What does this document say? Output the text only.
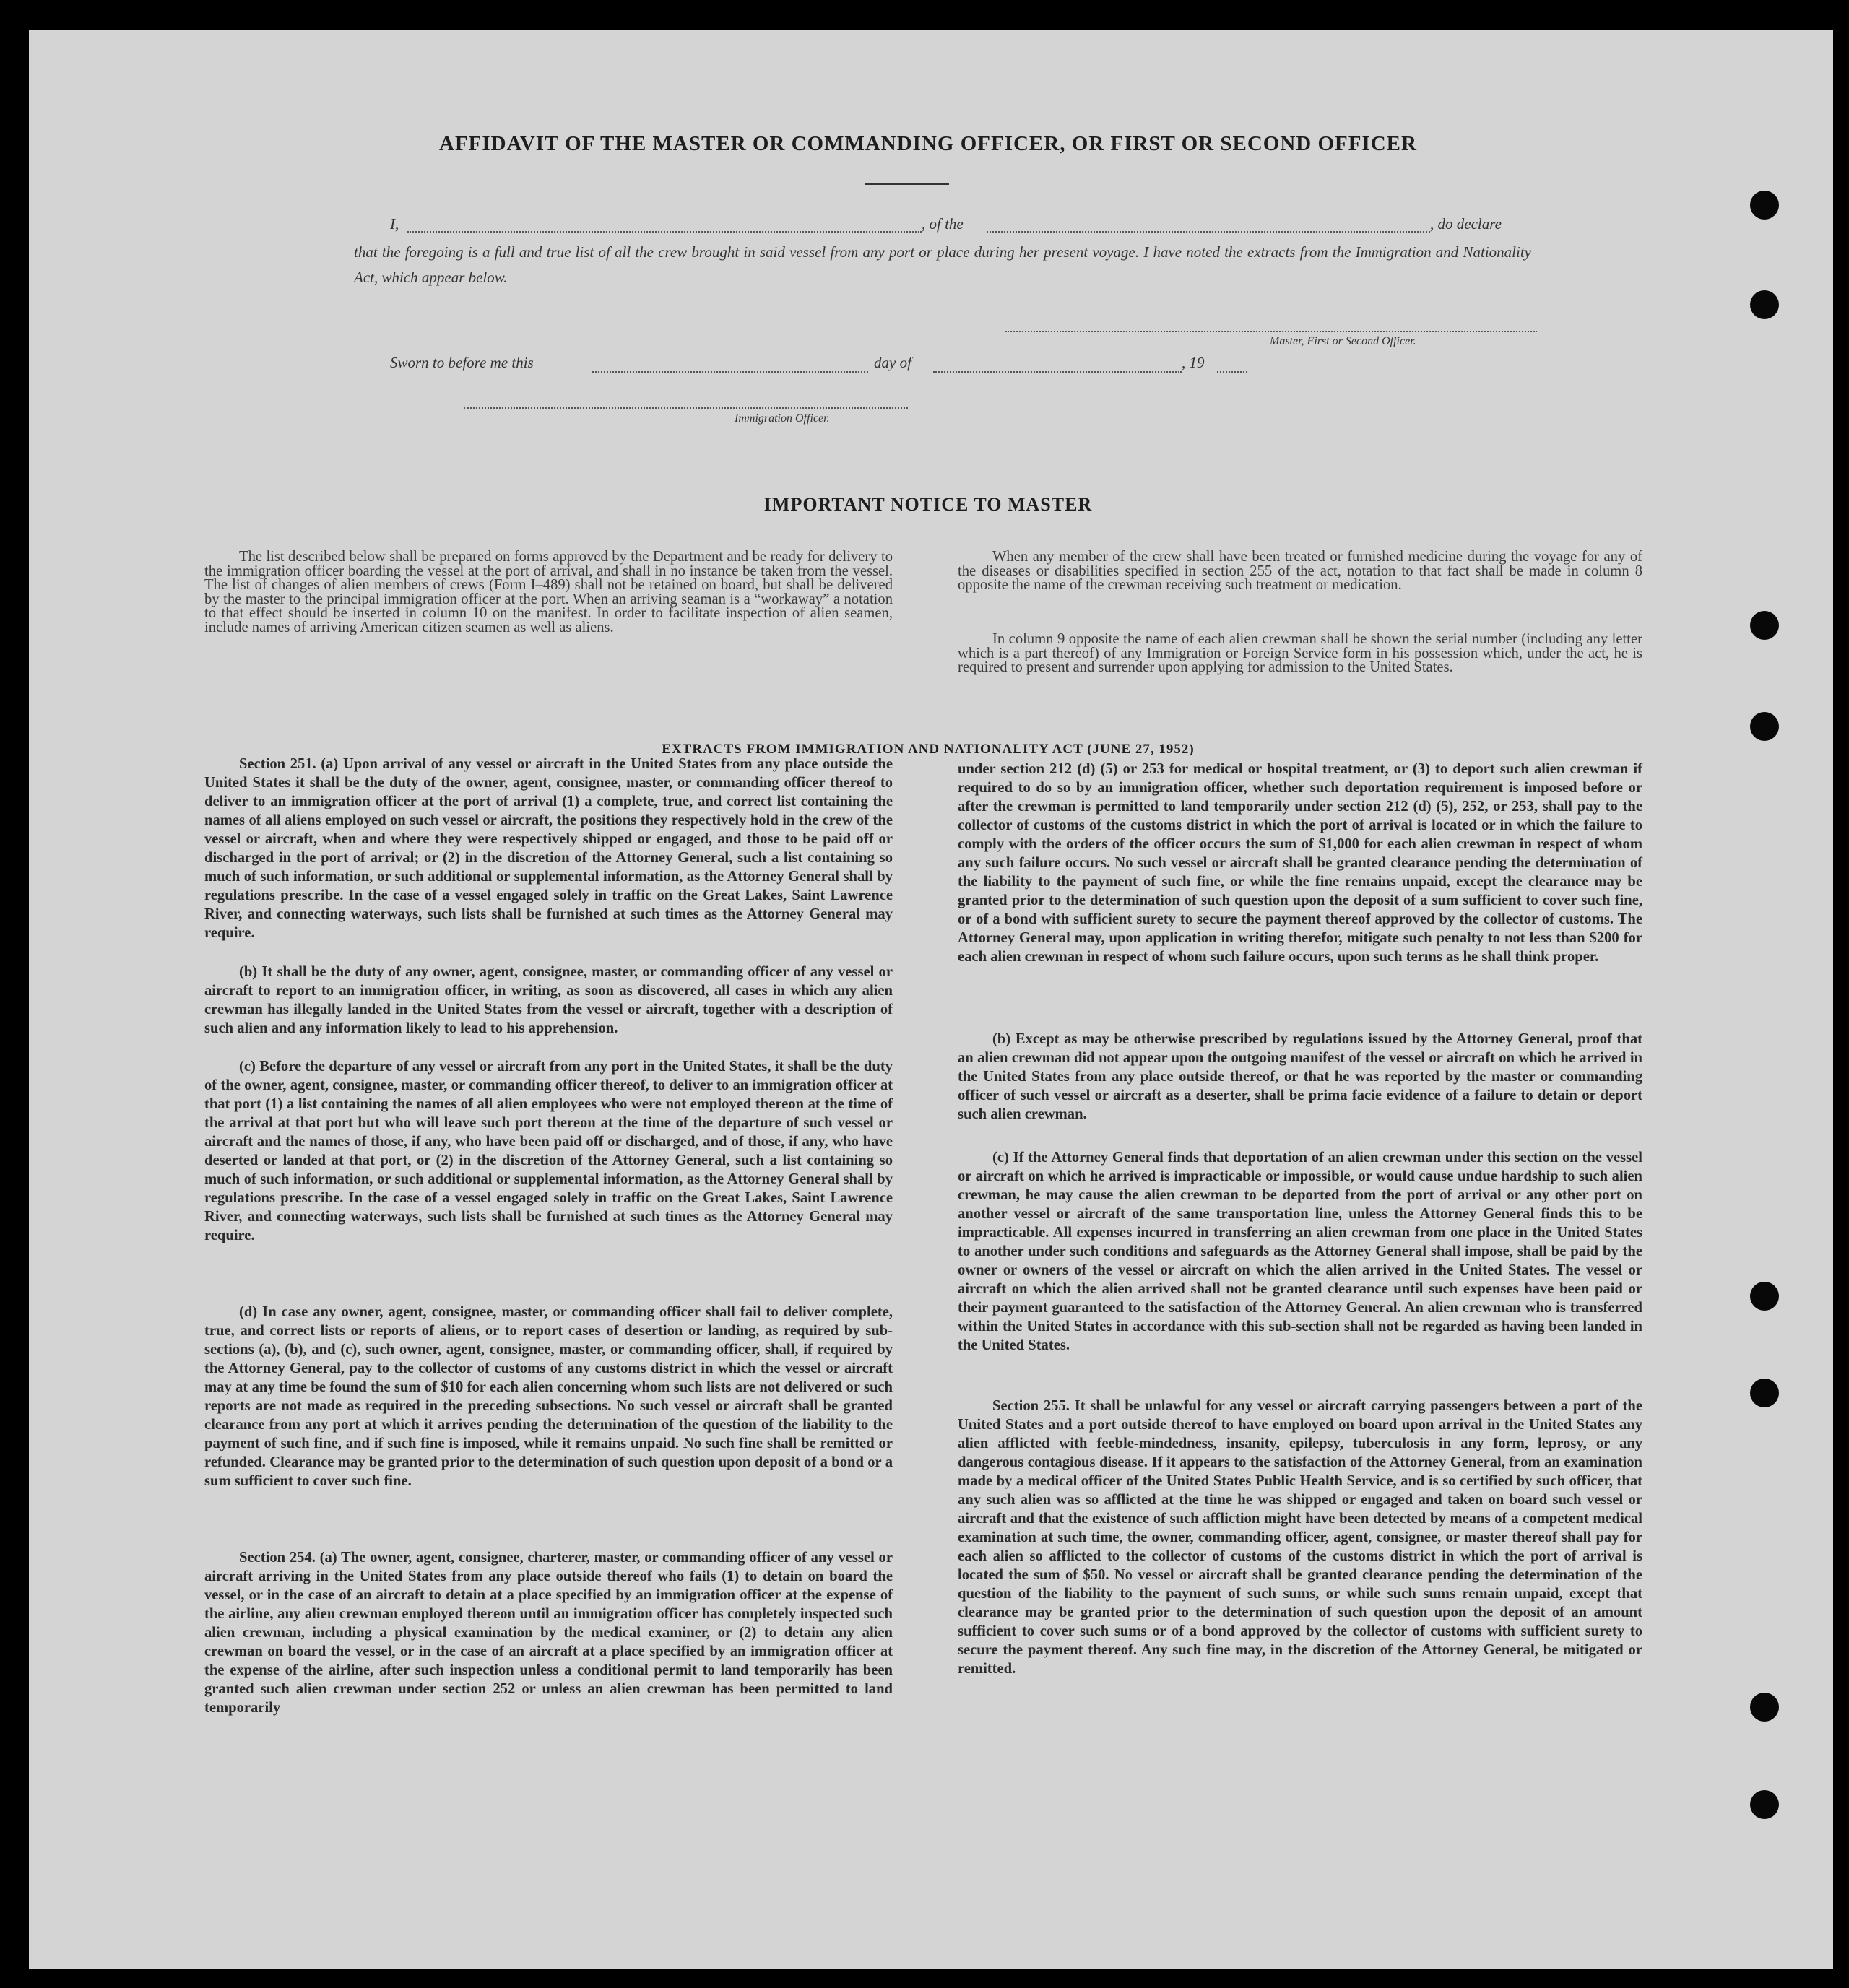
AFFIDAVIT OF THE MASTER OR COMMANDING OFFICER, OR FIRST OR SECOND OFFICER
I,	, of the	, do declare

that the foregoing is a full and true list of all the crew brought in said vessel from any port or place during her present voyage. I have noted the extracts from the Immigration and Nationality Act, which appear below.

Master, First or Second Officer.
Sworn to before me this	day of	, 19
Immigration Officer.
IMPORTANT NOTICE TO MASTER

The list described below shall be prepared on forms approved by the Department and be ready for delivery to the immigration officer boarding the vessel at the port of arrival, and shall in no instance be taken from the vessel. The list of changes of alien members of crews (Form I–489) shall not be retained on board, but shall be delivered by the master to the principal immigration officer at the port. When an arriving seaman is a “workaway” a notation to that effect should be inserted in column 10 on the manifest. In order to facilitate inspection of alien seamen, include names of arriving American citizen seamen as well as aliens.

When any member of the crew shall have been treated or furnished medicine during the voyage for any of the diseases or disabilities specified in section 255 of the act, notation to that fact shall be made in column 8 opposite the name of the crewman receiving such treatment or medication.

In column 9 opposite the name of each alien crewman shall be shown the serial number (including any letter which is a part thereof) of any Immigration or Foreign Service form in his possession which, under the act, he is required to present and surrender upon applying for admission to the United States.

EXTRACTS FROM IMMIGRATION AND NATIONALITY ACT (JUNE 27, 1952)

Section 251. (a) Upon arrival of any vessel or aircraft in the United States from any place outside the United States it shall be the duty of the owner, agent, consignee, master, or commanding officer thereof to deliver to an immigration officer at the port of arrival (1) a complete, true, and correct list containing the names of all aliens employed on such vessel or aircraft, the positions they respectively hold in the crew of the vessel or aircraft, when and where they were respectively shipped or engaged, and those to be paid off or discharged in the port of arrival; or (2) in the discretion of the Attorney General, such a list containing so much of such information, or such additional or supplemental information, as the Attorney General shall by regulations prescribe. In the case of a vessel engaged solely in traffic on the Great Lakes, Saint Lawrence River, and connecting waterways, such lists shall be furnished at such times as the Attorney General may require.

(b) It shall be the duty of any owner, agent, consignee, master, or commanding officer of any vessel or aircraft to report to an immigration officer, in writing, as soon as discovered, all cases in which any alien crewman has illegally landed in the United States from the vessel or aircraft, together with a description of such alien and any information likely to lead to his apprehension.

(c) Before the departure of any vessel or aircraft from any port in the United States, it shall be the duty of the owner, agent, consignee, master, or commanding officer thereof, to deliver to an immigration officer at that port (1) a list containing the names of all alien employees who were not employed thereon at the time of the arrival at that port but who will leave such port thereon at the time of the departure of such vessel or aircraft and the names of those, if any, who have been paid off or discharged, and of those, if any, who have deserted or landed at that port, or (2) in the discretion of the Attorney General, such a list containing so much of such information, or such additional or supplemental information, as the Attorney General shall by regulations prescribe. In the case of a vessel engaged solely in traffic on the Great Lakes, Saint Lawrence River, and connecting waterways, such lists shall be furnished at such times as the Attorney General may require.

(d) In case any owner, agent, consignee, master, or commanding officer shall fail to deliver complete, true, and correct lists or reports of aliens, or to report cases of desertion or landing, as required by sub-sections (a), (b), and (c), such owner, agent, consignee, master, or commanding officer, shall, if required by the Attorney General, pay to the collector of customs of any customs district in which the vessel or aircraft may at any time be found the sum of $10 for each alien concerning whom such lists are not delivered or such reports are not made as required in the preceding subsections. No such vessel or aircraft shall be granted clearance from any port at which it arrives pending the determination of the question of the liability to the payment of such fine, and if such fine is imposed, while it remains unpaid. No such fine shall be remitted or refunded. Clearance may be granted prior to the determination of such question upon deposit of a bond or a sum sufficient to cover such fine.

Section 254. (a) The owner, agent, consignee, charterer, master, or commanding officer of any vessel or aircraft arriving in the United States from any place outside thereof who fails (1) to detain on board the vessel, or in the case of an aircraft to detain at a place specified by an immigration officer at the expense of the airline, any alien crewman employed thereon until an immigration officer has completely inspected such alien crewman, including a physical examination by the medical examiner, or (2) to detain any alien crewman on board the vessel, or in the case of an aircraft at a place specified by an immigration officer at the expense of the airline, after such inspection unless a conditional permit to land temporarily has been granted such alien crewman under section 252 or unless an alien crewman has been permitted to land temporarily

under section 212 (d) (5) or 253 for medical or hospital treatment, or (3) to deport such alien crewman if required to do so by an immigration officer, whether such deportation requirement is imposed before or after the crewman is permitted to land temporarily under section 212 (d) (5), 252, or 253, shall pay to the collector of customs of the customs district in which the port of arrival is located or in which the failure to comply with the orders of the officer occurs the sum of $1,000 for each alien crewman in respect of whom any such failure occurs. No such vessel or aircraft shall be granted clearance pending the determination of the liability to the payment of such fine, or while the fine remains unpaid, except the clearance may be granted prior to the determination of such question upon the deposit of a sum sufficient to cover such fine, or of a bond with sufficient surety to secure the payment thereof approved by the collector of customs. The Attorney General may, upon application in writing therefor, mitigate such penalty to not less than $200 for each alien crewman in respect of whom such failure occurs, upon such terms as he shall think proper.

(b) Except as may be otherwise prescribed by regulations issued by the Attorney General, proof that an alien crewman did not appear upon the outgoing manifest of the vessel or aircraft on which he arrived in the United States from any place outside thereof, or that he was reported by the master or commanding officer of such vessel or aircraft as a deserter, shall be prima facie evidence of a failure to detain or deport such alien crewman.

(c) If the Attorney General finds that deportation of an alien crewman under this section on the vessel or aircraft on which he arrived is impracticable or impossible, or would cause undue hardship to such alien crewman, he may cause the alien crewman to be deported from the port of arrival or any other port on another vessel or aircraft of the same transportation line, unless the Attorney General finds this to be impracticable. All expenses incurred in transferring an alien crewman from one place in the United States to another under such conditions and safeguards as the Attorney General shall impose, shall be paid by the owner or owners of the vessel or aircraft on which the alien arrived in the United States. The vessel or aircraft on which the alien arrived shall not be granted clearance until such expenses have been paid or their payment guaranteed to the satisfaction of the Attorney General. An alien crewman who is transferred within the United States in accordance with this sub-section shall not be regarded as having been landed in the United States.

Section 255. It shall be unlawful for any vessel or aircraft carrying passengers between a port of the United States and a port outside thereof to have employed on board upon arrival in the United States any alien afflicted with feeble-mindedness, insanity, epilepsy, tuberculosis in any form, leprosy, or any dangerous contagious disease. If it appears to the satisfaction of the Attorney General, from an examination made by a medical officer of the United States Public Health Service, and is so certified by such officer, that any such alien was so afflicted at the time he was shipped or engaged and taken on board such vessel or aircraft and that the existence of such affliction might have been detected by means of a competent medical examination at such time, the owner, commanding officer, agent, consignee, or master thereof shall pay for each alien so afflicted to the collector of customs of the customs district in which the port of arrival is located the sum of $50. No vessel or aircraft shall be granted clearance pending the determination of the question of the liability to the payment of such sums, or while such sums remain unpaid, except that clearance may be granted prior to the determination of such question upon the deposit of an amount sufficient to cover such sums or of a bond approved by the collector of customs with sufficient surety to secure the payment thereof. Any such fine may, in the discretion of the Attorney General, be mitigated or remitted.
